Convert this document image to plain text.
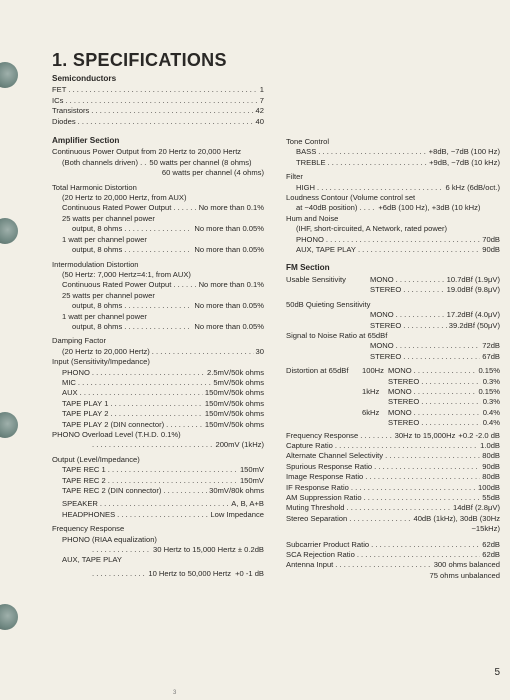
1. SPECIFICATIONS
Semiconductors
FET . . .	1
ICs . . .	7
Transistors . . .	42
Diodes . . .	40
Amplifier Section
Continuous Power Output from 20 Hertz to 20,000 Hertz
(Both channels driven) . . 50 watts per channel (8 ohms)
60 watts per channel (4 ohms)
Total Harmonic Distortion
(20 Hertz to 20,000 Hertz, from AUX)
Continuous Rated Power Output . . .	No more than 0.1%
25 watts per channel power
output, 8 ohms . . .	No more than 0.05%
1 watt per channel power
output, 8 ohms . . .	No more than 0.05%
Intermodulation Distortion
(50 Hertz: 7,000 Hertz=4:1, from AUX)
Continuous Rated Power Output . . .	No more than 0.1%
25 watts per channel power
output, 8 ohms . . .	No more than 0.05%
1 watt per channel power
output, 8 ohms . . .	No more than 0.05%
Damping Factor
(20 Hertz to 20,000 Hertz) . . .	30
Input (Sensitivity/Impedance)
PHONO . . .	2.5mV/50k ohms
MIC . . .	5mV/50k ohms
AUX . . .	150mV/50k ohms
TAPE PLAY 1 . . .	150mV/50k ohms
TAPE PLAY 2 . . .	150mV/50k ohms
TAPE PLAY 2 (DIN connector) . . .	150mV/50k ohms
PHONO Overload Level (T.H.D. 0.1%)
. . .
200mV (1kHz)
Output (Level/Impedance)
TAPE REC 1 . . .	150mV
TAPE REC 2 . . .	150mV
TAPE REC 2 (DIN connector) . . .	30mV/80k ohms
SPEAKER . . .	A, B, A+B
HEADPHONES . . .	Low Impedance
Frequency Response
PHONO (RIAA equalization)
. . .
30 Hertz to 15,000 Hertz ± 0.2dB
AUX, TAPE PLAY
. . .
10 Hertz to 50,000 Hertz +0 -1 dB
Tone Control
BASS . . .	+8dB, −7dB (100 Hz)
TREBLE . . .	+9dB, −7dB (10 kHz)
Filter
HIGH . . .	6 kHz (6dB/oct.)
Loudness Contour (Volume control set
at −40dB position) . . . . +6dB (100 Hz), +3dB (10 kHz)
Hum and Noise
(IHF, short-circuited, A Network, rated power)
PHONO . . .	70dB
AUX, TAPE PLAY . . .	90dB
FM Section
Usable Sensitivity	MONO . . .	10.7dBf (1.9μV)
STEREO . . .	19.0dBf (9.8μV)
50dB Quieting Sensitivity
MONO . . .	17.2dBf (4.0μV)
STEREO . . .	39.2dBf (50μV)
Signal to Noise Ratio at 65dBf
MONO . . .	72dB
STEREO . . .	67dB
Distortion at 65dBf	100Hz MONO . . .	0.15%
STEREO . . .	0.3%
1kHz	MONO . . .	0.15%
STEREO . . .	0.3%
6kHz	MONO . . .	0.4%
STEREO . . .	0.4%
Frequency Response . . .	30Hz to 15,000Hz +0.2 -2.0 dB
Capture Ratio . . .	1.0dB
Alternate Channel Selectivity . . .	80dB
Spurious Response Ratio . . .	90dB
Image Response Ratio . . .	80dB
IF Response Ratio . . .	100dB
AM Suppression Ratio . . .	55dB
Muting Threshold . . .	14dBf (2.8μV)
Stereo Separation . . .	40dB (1kHz), 30dB (30Hz
~15kHz)
Subcarrier Product Ratio . . .	62dB
SCA Rejection Ratio . . .	62dB
Antenna Input . . .	300 ohms balanced
75 ohms unbalanced
5
3
